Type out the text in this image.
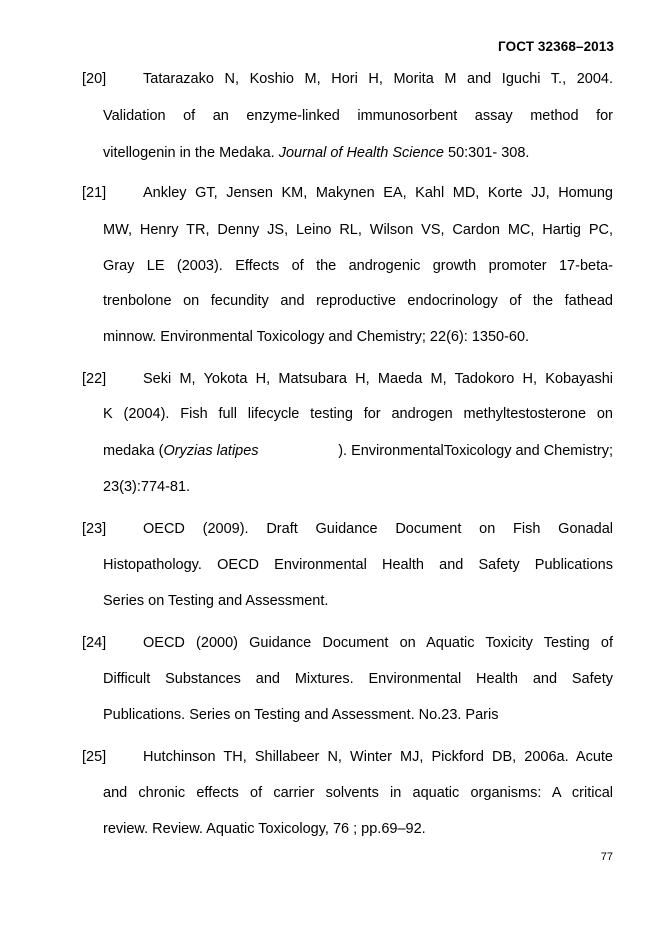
ГОСТ 32368–2013
[20]	Tatarazako N, Koshio M, Hori H, Morita M and Iguchi T., 2004.
Validation of an enzyme-linked immunosorbent assay method for
vitellogenin in the Medaka. Journal of Health Science 50:301- 308.
[21]	Ankley GT, Jensen KM, Makynen EA, Kahl MD, Korte JJ, Homung
MW, Henry TR, Denny JS, Leino RL, Wilson VS, Cardon MC, Hartig PC,
Gray LE (2003). Effects of the androgenic growth promoter 17-beta-
trenbolone on fecundity and reproductive endocrinology of the fathead
minnow. Environmental Toxicology and Chemistry; 22(6): 1350-60.
[22]	Seki M, Yokota H, Matsubara H, Maeda M, Tadokoro H, Kobayashi
K (2004). Fish full lifecycle testing for androgen methyltestosterone on
medaka (Oryzias latipes	). EnvironmentalToxicology and Chemistry;
23(3):774-81.
[23]	OECD (2009). Draft Guidance Document on Fish Gonadal
Histopathology. OECD Environmental Health and Safety Publications
Series on Testing and Assessment.
[24]	OECD (2000) Guidance Document on Aquatic Toxicity Testing of
Difficult Substances and Mixtures. Environmental Health and Safety
Publications. Series on Testing and Assessment. No.23. Paris
[25]	Hutchinson TH, Shillabeer N, Winter MJ, Pickford DB, 2006a. Acute
and chronic effects of carrier solvents in aquatic organisms: A critical
review. Review. Aquatic Toxicology, 76 ; pp.69–92.
77
